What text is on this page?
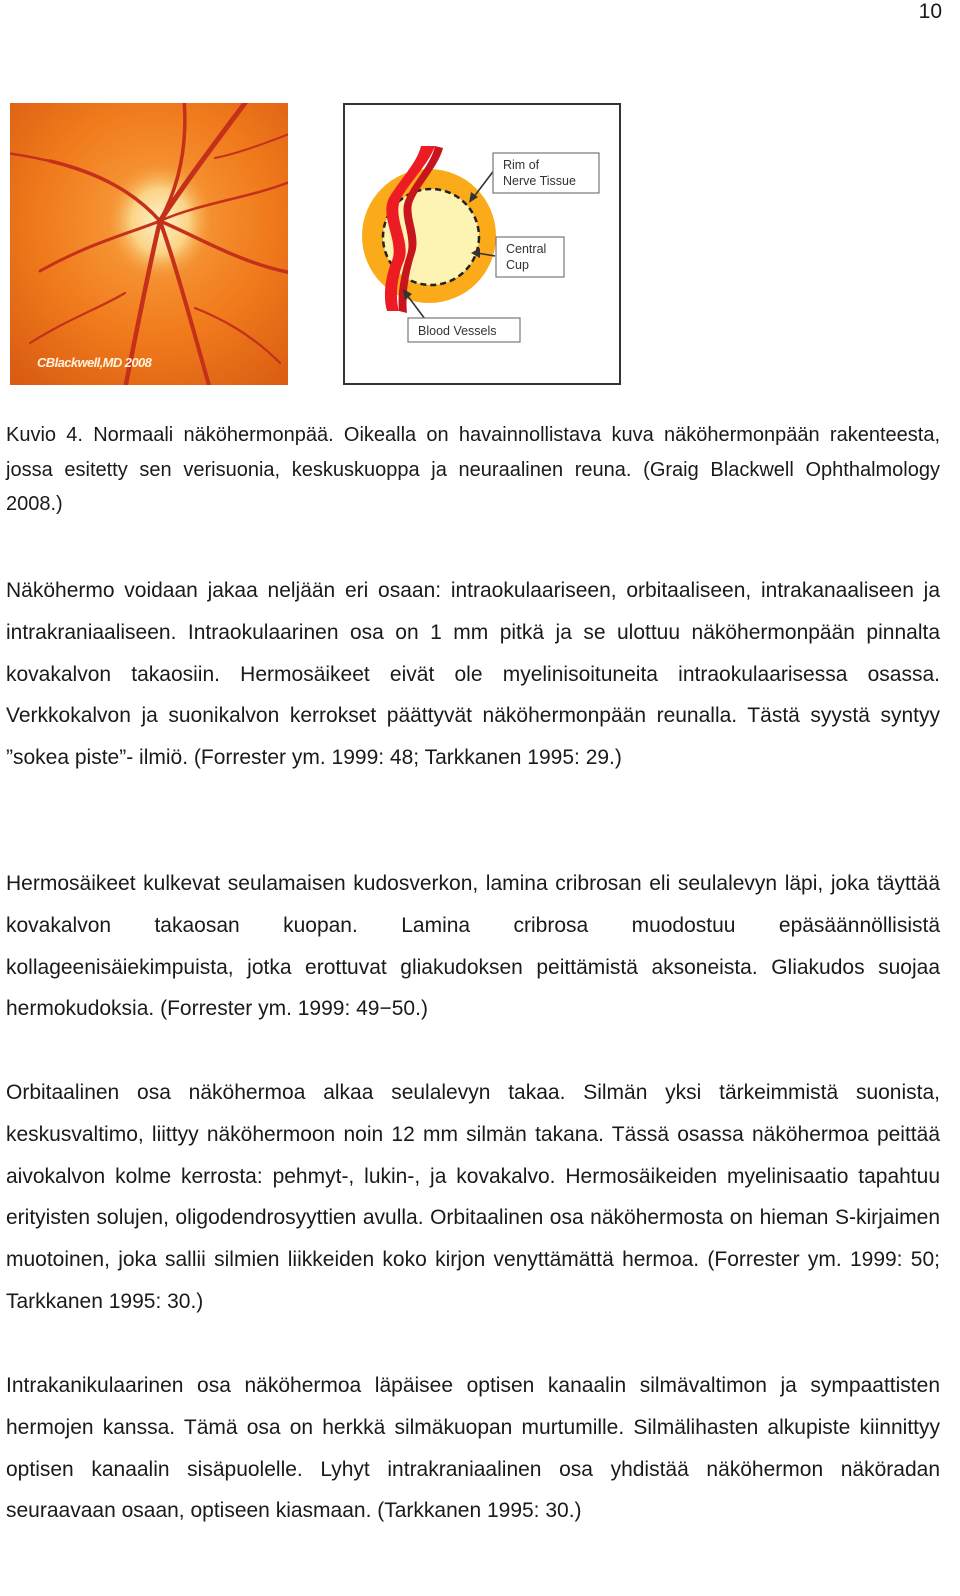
10
CBlackwell,MD 2008
Rim of
Nerve Tissue
Central
Cup
Blood Vessels
Kuvio 4. Normaali näköhermonpää. Oikealla on havainnollistava kuva näköhermonpään rakenteesta, jossa esitetty sen verisuonia, keskuskuoppa ja neuraalinen reuna. (Graig Blackwell Ophthalmology 2008.)
Näköhermo voidaan jakaa neljään eri osaan: intraokulaariseen, orbitaaliseen, intrakanaaliseen ja intrakraniaaliseen. Intraokulaarinen osa on 1 mm pitkä ja se ulottuu näköhermonpään pinnalta kovakalvon takaosiin. Hermosäikeet eivät ole myelinisoituneita intraokulaarisessa osassa. Verkkokalvon ja suonikalvon kerrokset päättyvät näköhermonpään reunalla. Tästä syystä syntyy ”sokea piste”- ilmiö. (Forrester ym. 1999: 48; Tarkkanen 1995: 29.)
Hermosäikeet kulkevat seulamaisen kudosverkon, lamina cribrosan eli seulalevyn läpi, joka täyttää kovakalvon takaosan kuopan. Lamina cribrosa muodostuu epäsäännöllisistä kollageenisäiekimpuista, jotka erottuvat gliakudoksen peittämistä aksoneista. Gliakudos suojaa hermokudoksia. (Forrester ym. 1999: 49−50.)
Orbitaalinen osa näköhermoa alkaa seulalevyn takaa. Silmän yksi tärkeimmistä suonista, keskusvaltimo, liittyy näköhermoon noin 12 mm silmän takana. Tässä osassa näköhermoa peittää aivokalvon kolme kerrosta: pehmyt-, lukin-, ja kovakalvo. Hermosäikeiden myelinisaatio tapahtuu erityisten solujen, oligodendrosyyttien avulla. Orbitaalinen osa näköhermosta on hieman S-kirjaimen muotoinen, joka sallii silmien liikkeiden koko kirjon venyttämättä hermoa. (Forrester ym. 1999: 50; Tarkkanen 1995: 30.)
Intrakanikulaarinen osa näköhermoa läpäisee optisen kanaalin silmävaltimon ja sympaattisten hermojen kanssa. Tämä osa on herkkä silmäkuopan murtumille. Silmälihasten alkupiste kiinnittyy optisen kanaalin sisäpuolelle. Lyhyt intrakraniaalinen osa yhdistää näköhermon näköradan seuraavaan osaan, optiseen kiasmaan. (Tarkkanen 1995: 30.)
